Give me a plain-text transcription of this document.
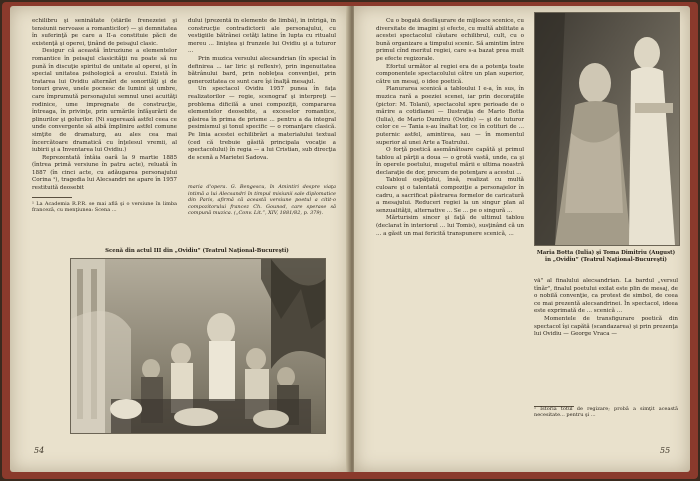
echilibru şi seninătate (stările frenezeiei şi tensiunii nervoase a romanticilor) — şi demnitatea în suferinţă pe care a II-a constituie păcii de existenţă şi operei, ţinând de peisajul clasic.

Desigur că această întruziune a elementelor romantice în peisajul clasicităţii nu poate să nu pună în discuţie spiritul de unitate al operei, şi în special unitatea psihologică a eroului. Există în tratarea lui Ovidiu alternări de sonorităţi şi de tonuri grave, unele pocnesc de lumini şi umbre, care împrumută personajului semnul unei acuităţi rodinice, ume impregnate de construcţie, întreaga, în privinţe, prin urmările înfăşurării de plinurilor şi golurilor. (Ni sugerează astfel ceea ce unde convergente să aibă împlinire astfel comune simţite de dramaturg, au ales cea mai încercătoare dramatică cu înţelesul vremii, al iubirii şi a Inventarea lui Ovidiu.)

Reprezentată întâia oară la 9 martie 1885 (întrea primă versiune în patru acte), reluată în 1887 (în cinci acte, cu adăugarea personajului Corina ¹), tragedia lui Alecsandri ne apare în 1957 restituită deosebit

¹ La Academia R.P.R. se mai află şi o versiune în limba franceză, cu menţiunea: Scena ...

dului (prezentă în elemente de limbă), în intrigă, în construcţie contradictorii ale personajului, cu vestigiile bătrânei cetăţi latine în lupta cu ritualul mereu ... liniştea şi frunzele lui Ovidiu şi a tuturor ...

Prin muzica versului alecsandrian (în special în definirea ... iar liric şi reflexiv), prin ingenuitatea bătrânului bard, prin nobleţea convenţiei, prin generozitatea ce sunt care îşi înalţă mesajul.

Un spectacol Ovidiu 1957 punea în faţa realizatorilor — regie, scenograf şi interpreţi — problema dificilă a unei compoziţii, compararea elementelor deosebite, a exceselor romantice, găsirea în prima de prisme ... pentru a da integral pesimismul şi tonul specific — o romanţare clasică. Pe linia acestei echilibrări a materialului textual (ced că trebuie găsită principala vocaţie a spectacolului) în regia — a lui Cristian, sub direcţia de scenă a Marietei Sadova.

maria d'opera. G. Bengescu, în Amintiri despre viaţa intimă a lui Alecsandri în timpul misiunii sale diplomatice din Paris, afirmă că această versiune poetul a citit-o compozitorului francez Ch. Gounod, care sperase să compună muzica. („Conv. Lit.”, XIV, 1881/82, p. 379).
Scenă din actul III din „Ovidiu” (Teatrul Naţional-Bucureşti)
54

Cu o bogată desfăşurare de mijloace scenice, cu diversitate de imagini şi efecte, cu multă abilitate a acestei spectacolul căutare echilibrul, cult, cu o bună organizare a timpului scenic. Să amintim între primul cînd meritul regiei, care s-a bazat prea mult pe efecte regizorale.

Efortul următor al regiei era de a potenţa toate componentele spectacolului către un plan superior, către un mesaj, o idee poetică.

Planurarea scenică a tabloului I e-a, în sus, în muzica rară a poeziei scenei, iar prin decoraţiile (pictor: M. Tolani), spectacolul spre perioade de o mărire a cotidianei — Ilustraţia de Mario Botta (Iulia), de Mario Dumitru (Ovidiu) — şi de tuturor celor ce — Tania s-au înaltat lor, ce în cotituri de ... puternic astfel, amintirea, sau — în momentul superior al unei Arte a Teatrului.

O forţă poetică asemănătoare capătă şi primul tablou al părţii a doua — o grotă vastă, unde, ca şi în operele poetului, mugetul mării e ultima noastră declaraţie de dor, precum de potenţare a acestui ...

Tabloul ospăţului, însă, realizat cu multă culoare şi o talentată compoziţie a personajelor în cadru, a sacrificat păstrarea formelor de caricatură a mesajului. Reduceri regiei la un singur plan al senzualităţii, alternative ... Se ... pe o singură ...

Mărturisim sincer şi faţă de ultimul tablou (declarat în interiorul ... lui Tomis), susţinând că un ... a găsit un mai fericită transpunere scenică, ...

Maria Botta (Iulia) şi Toma Dimitriu (August) în „Ovidiu” (Teatrul Naţional-Bucureşti)

vă" al finalului alecsandrian. La bardul „versul tînăr", finalul poetului exilat este plin de mesaj, de o nobilă convenţie, ca protest de simbol, de ceea ce mai prezentă alecsandrinei. În spectacol, ideea este exprimată de ... scenică ...

Momentele de transfigurare poetică din spectacol îşi capătă (scandazarea) şi prin prezenţa lui Ovidiu — George Vraca —

¹ Istoria totul de regizare; probă a simţit această necesitate... pentru şi ...
55
